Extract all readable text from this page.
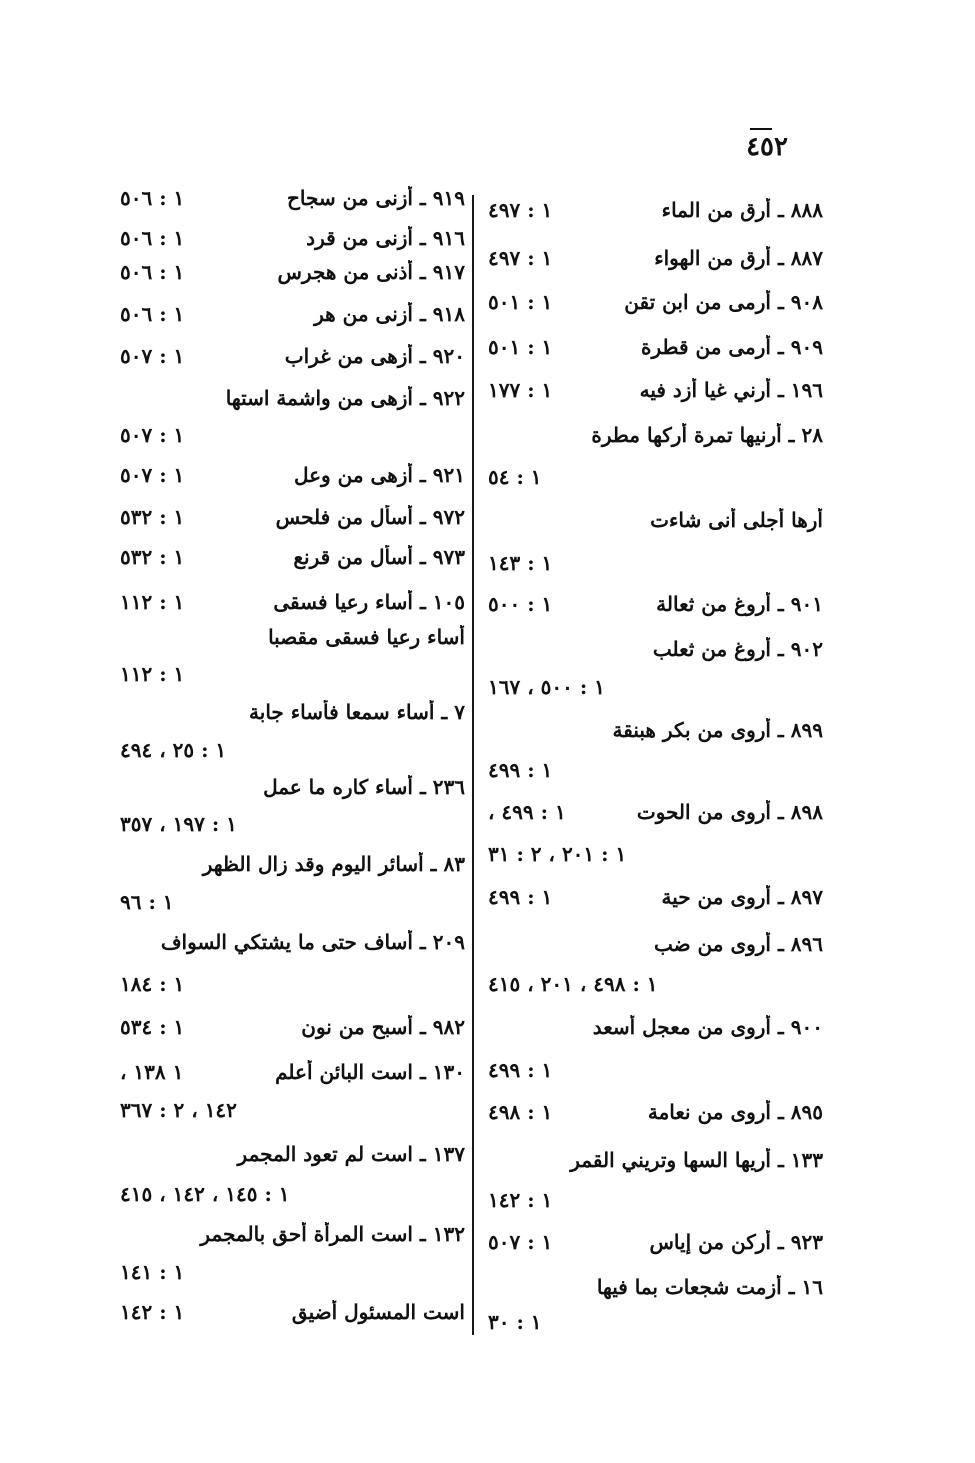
٤٥٢
٨٨٨ ـ أرق من الماء
١ : ٤٩٧
٨٨٧ ـ أرق من الهواء
١ : ٤٩٧
٩٠٨ ـ أرمى من ابن تقن
١ : ٥٠١
٩٠٩ ـ أرمى من قطرة
١ : ٥٠١
١٩٦ ـ أرني غيا أزد فيه
١ : ١٧٧
٢٨ ـ أرنيها تمرة أركها مطرة
١ : ٥٤
أرها أجلى أنى شاءت
١ : ١٤٣
٩٠١ ـ أروغ من ثعالة
١ : ٥٠٠
٩٠٢ ـ أروغ من ثعلب
١ : ٥٠٠ ، ١٦٧
٨٩٩ ـ أروى من بكر هبنقة
١ : ٤٩٩
٨٩٨ ـ أروى من الحوت
١ : ٤٩٩ ،
١ : ٢٠١ ، ٢ : ٣١
٨٩٧ ـ أروى من حية
١ : ٤٩٩
٨٩٦ ـ أروى من ضب
١ : ٤٩٨ ، ٢٠١ ، ٤١٥
٩٠٠ ـ أروى من معجل أسعد
١ : ٤٩٩
٨٩٥ ـ أروى من نعامة
١ : ٤٩٨
١٣٣ ـ أريها السها وتريني القمر
١ : ١٤٢
٩٢٣ ـ أركن من إياس
١ : ٥٠٧
١٦ ـ أزمت شجعات بما فيها
١ : ٣٠
٩١٩ ـ أزنى من سجاح
١ : ٥٠٦
٩١٦ ـ أزنى من قرد
١ : ٥٠٦
٩١٧ ـ أذنى من هجرس
١ : ٥٠٦
٩١٨ ـ أزنى من هر
١ : ٥٠٦
٩٢٠ ـ أزهى من غراب
١ : ٥٠٧
٩٢٢ ـ أزهى من واشمة استها
١ : ٥٠٧
٩٢١ ـ أزهى من وعل
١ : ٥٠٧
٩٧٢ ـ أسأل من فلحس
١ : ٥٣٢
٩٧٣ ـ أسأل من قرنع
١ : ٥٣٢
١٠٥ ـ أساء رعيا فسقى
١ : ١١٢
أساء رعيا فسقى مقصبا
١ : ١١٢
٧ ـ أساء سمعا فأساء جابة
١ : ٢٥ ، ٤٩٤
٢٣٦ ـ أساء كاره ما عمل
١ : ١٩٧ ، ٣٥٧
٨٣ ـ أسائر اليوم وقد زال الظهر
١ : ٩٦
٢٠٩ ـ أساف حتى ما يشتكي السواف
١ : ١٨٤
٩٨٢ ـ أسبح من نون
١ : ٥٣٤
١٣٠ ـ است البائن أعلم
١ ١٣٨ ،
١٤٢ ، ٢ : ٣٦٧
١٣٧ ـ است لم تعود المجمر
١ : ١٤٥ ، ١٤٢ ، ٤١٥
١٣٢ ـ است المرأة أحق بالمجمر
١ : ١٤١
است المسئول أضيق
١ : ١٤٢
